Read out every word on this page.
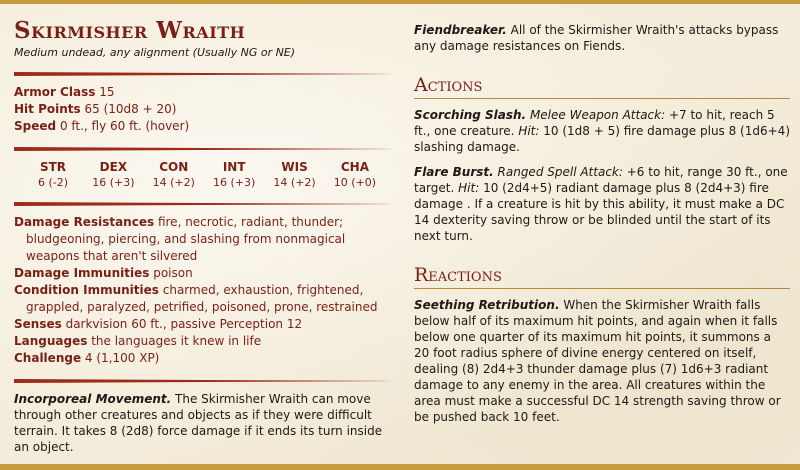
Skirmisher Wraith
Medium undead, any alignment (Usually NG or NE)
Armor Class 15
Hit Points 65 (10d8 + 20)
Speed 0 ft., fly 60 ft. (hover)
STR
6 (-2)
DEX
16 (+3)
CON
14 (+2)
INT
16 (+3)
WIS
14 (+2)
CHA
10 (+0)
Damage Resistances fire, necrotic, radiant, thunder; bludgeoning, piercing, and slashing from nonmagical weapons that aren't silvered
Damage Immunities poison
Condition Immunities charmed, exhaustion, frightened, grappled, paralyzed, petrified, poisoned, prone, restrained
Senses darkvision 60 ft., passive Perception 12
Languages the languages it knew in life
Challenge 4 (1,100 XP)
Incorporeal Movement. The Skirmisher Wraith can move through other creatures and objects as if they were difficult terrain. It takes 8 (2d8) force damage if it ends its turn inside an object.
Fiendbreaker. All of the Skirmisher Wraith's attacks bypass any damage resistances on Fiends.
Actions
Scorching Slash. Melee Weapon Attack: +7 to hit, reach 5 ft., one creature. Hit: 10 (1d8 + 5) fire damage plus 8 (1d6+4) slashing damage.
Flare Burst. Ranged Spell Attack: +6 to hit, range 30 ft., one target. Hit: 10 (2d4+5) radiant damage plus 8 (2d4+3) fire damage . If a creature is hit by this ability, it must make a DC 14 dexterity saving throw or be blinded until the start of its next turn.
Reactions
Seething Retribution. When the Skirmisher Wraith falls below half of its maximum hit points, and again when it falls below one quarter of its maximum hit points, it summons a 20 foot radius sphere of divine energy centered on itself, dealing (8) 2d4+3 thunder damage plus (7) 1d6+3 radiant damage to any enemy in the area. All creatures within the area must make a successful DC 14 strength saving throw or be pushed back 10 feet.
